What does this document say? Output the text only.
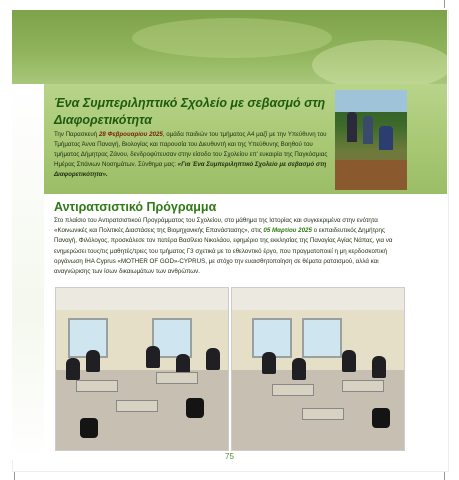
Ένα Συμπεριληπτικό Σχολείο με σεβασμό στη Διαφορετικότητα

Την Παρασκευή 28 Φεβρουαρίου 2025, ομάδα παιδιών του τμήματος Α4 μαζί με την Υπεύθυνη του Τμήματος Άννα Παναγή, Βιολογίας και παρουσία του Διευθυντή και της Υπεύθυνης Βοηθού του τμήματος Δήμητρας Ζάνου, δενδροφύτευσαν στην είσοδο του Σχολείου επ' ευκαιρία της Παγκόσμιας Ημέρας Σπάνιων Νοσημάτων. Σύνθημα μας: «Για Ένα Συμπεριληπτικό Σχολείο με σεβασμό στη Διαφορετικότητα».

Αντιρατσιστικό Πρόγραμμα

Στο πλαίσιο του Αντιρατσιστικού Προγράμματος του Σχολείου, στο μάθημα της Ιστορίας και συγκεκριμένα στην ενότητα «Κοινωνικές και Πολιτικές Διαστάσεις της Βιομηχανικής Επανάστασης», στις 05 Μαρτίου 2025 ο εκπαιδευτικός Δημήτρης Παναγή, Φιλόλογος, προσκάλεσε τον πατέρα Βασίλειο Νικολάου, εφημέριο της εκκλησίας της Παναγίας Αγίας Νάπας, για να ενημερώσει τους/τις μαθητές/τριες του τμήματος Γ3 σχετικά με το εθελοντικό έργο, που πραγματοποιεί η μη κερδοσκοπική οργάνωση IHA Cyprus «MOTHER OF GOD»-CYPRUS, με στόχο την ευαισθητοποίηση σε θέματα ρατσισμού, αλλά και αναγνώρισης των ίσων δικαιωμάτων των ανθρώπων.

75
